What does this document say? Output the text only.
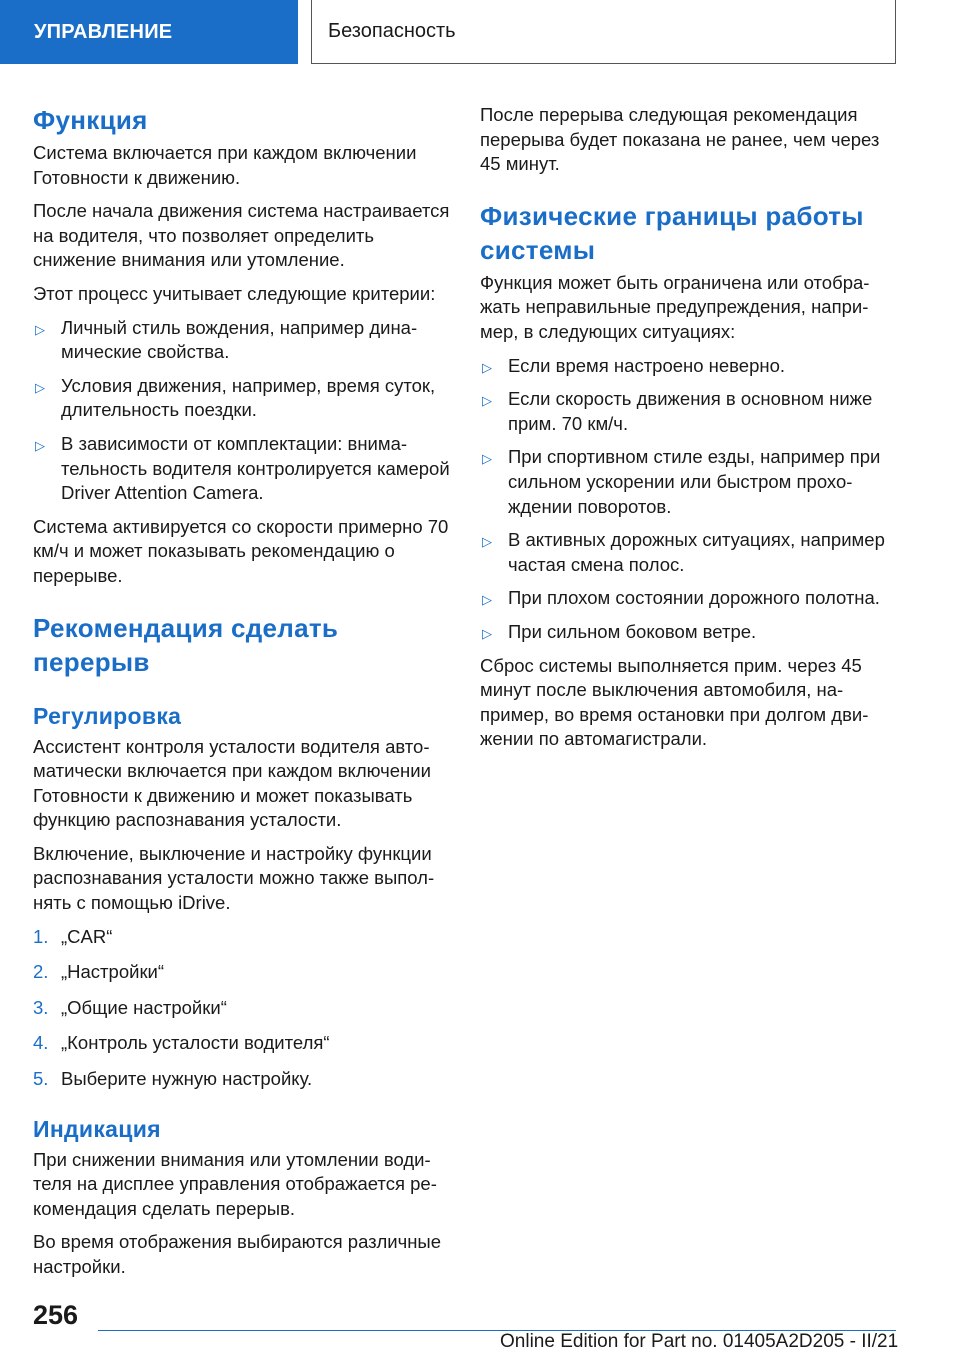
УПРАВЛЕНИЕ	Безопасность
Функция

Система включается при каждом включении Готовности к движению.

После начала движения система настраивается на водителя, что позволяет определить снижение внимания или утомление.

Этот процесс учитывает следующие критерии:

▷ Личный стиль вождения, например динамические свойства.
▷ Условия движения, например, время суток, длительность поездки.
▷ В зависимости от комплектации: внимательность водителя контролируется камерой Driver Attention Camera.

Система активируется со скорости примерно 70 км/ч и может показывать рекомендацию о перерыве.

Рекомендация сделать перерыв
Регулировка

Ассистент контроля усталости водителя автоматически включается при каждом включении Готовности к движению и может показывать функцию распознавания усталости.

Включение, выключение и настройку функции распознавания усталости можно также выполнять с помощью iDrive.

1. „CAR“
2. „Настройки“
3. „Общие настройки“
4. „Контроль усталости водителя“
5. Выберите нужную настройку.
Индикация

При снижении внимания или утомлении водителя на дисплее управления отображается рекомендация сделать перерыв.

Во время отображения выбираются различные настройки.

После перерыва следующая рекомендация перерыва будет показана не ранее, чем через 45 минут.

Физические границы работы системы

Функция может быть ограничена или отображать неправильные предупреждения, например, в следующих ситуациях:

▷ Если время настроено неверно.
▷ Если скорость движения в основном ниже прим. 70 км/ч.
▷ При спортивном стиле езды, например при сильном ускорении или быстром прохождении поворотов.
▷ В активных дорожных ситуациях, например частая смена полос.
▷ При плохом состоянии дорожного полотна.
▷ При сильном боковом ветре.

Сброс системы выполняется прим. через 45 минут после выключения автомобиля, например, во время остановки при долгом движении по автомагистрали.

256
Online Edition for Part no. 01405A2D205 - II/21
